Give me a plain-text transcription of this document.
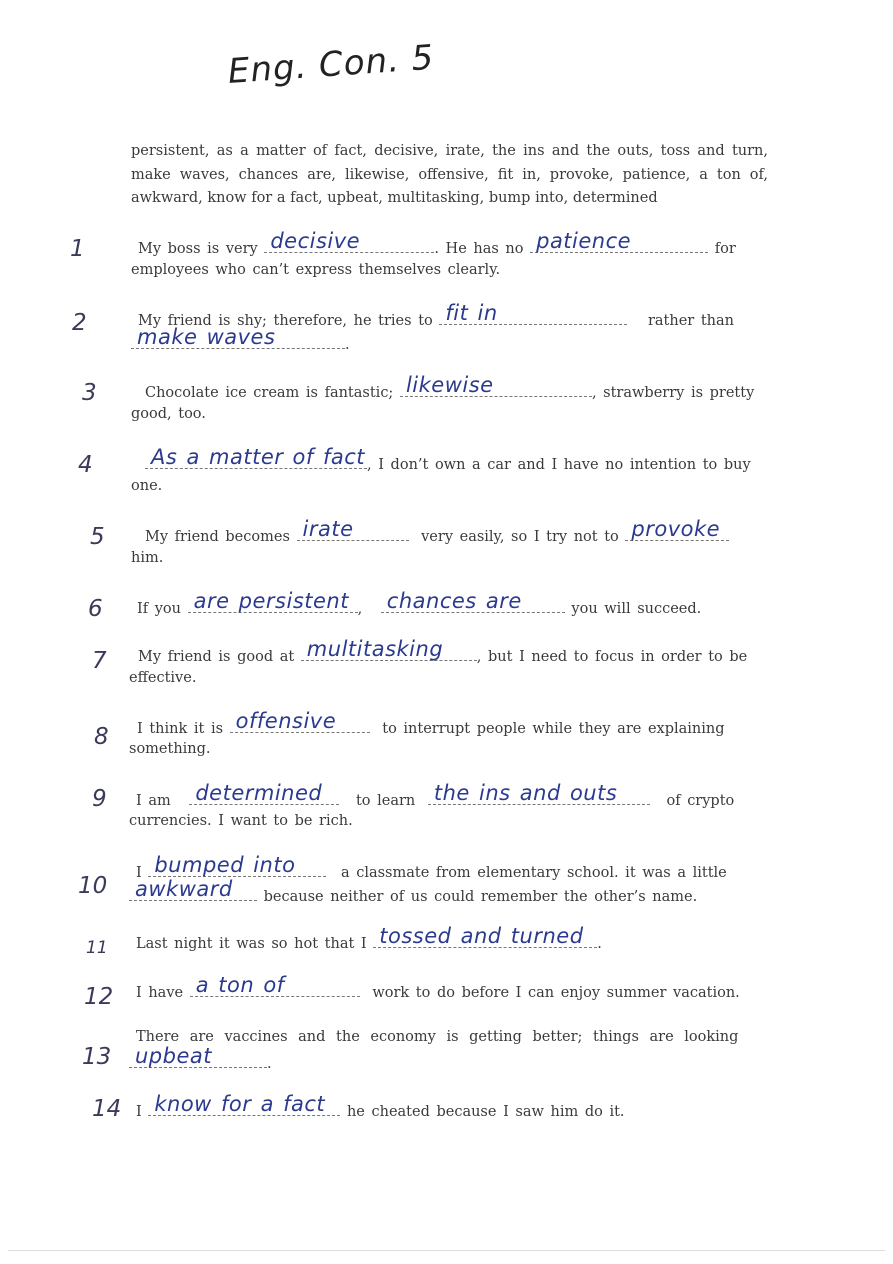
Eng. Con. 5
persistent, as a matter of fact, decisive, irate, the ins and the outs, toss and turn, make waves, chances are, likewise, offensive, fit in, provoke, patience, a ton of, awkward, know for a fact, upbeat, multitasking, bump into, determined
1	My boss is very decisive	. He has no patience	for
employees who can’t express themselves clearly.
2	My friend is shy; therefore, he tries to fit in	rather than
make waves	.
3	Chocolate ice cream is fantastic; likewise	, strawberry is pretty
good, too.
4	As a matter of fact , I don’t own a car and I have no intention to buy
one.
5	My friend becomes irate	very easily, so I try not to provoke
him.
6 If you are persistent , chances are	you will succeed.
7 My friend is good at multitasking , but I need to focus in order to be
effective.
8 I think it is offensive	to interrupt people while they are explaining
something.
9 I am determined to learn the ins and outs	of crypto
currencies. I want to be rich.
10 I bumped into	a classmate from elementary school. it was a little
awkward because neither of us could remember the other’s name.
11 Last night it was so hot that I tossed and turned .
12 I have a ton of	work to do before I can enjoy summer vacation.
13
There are vaccines and the economy is getting better; things are looking
upbeat	.
14 I know for a fact he cheated because I saw him do it.
